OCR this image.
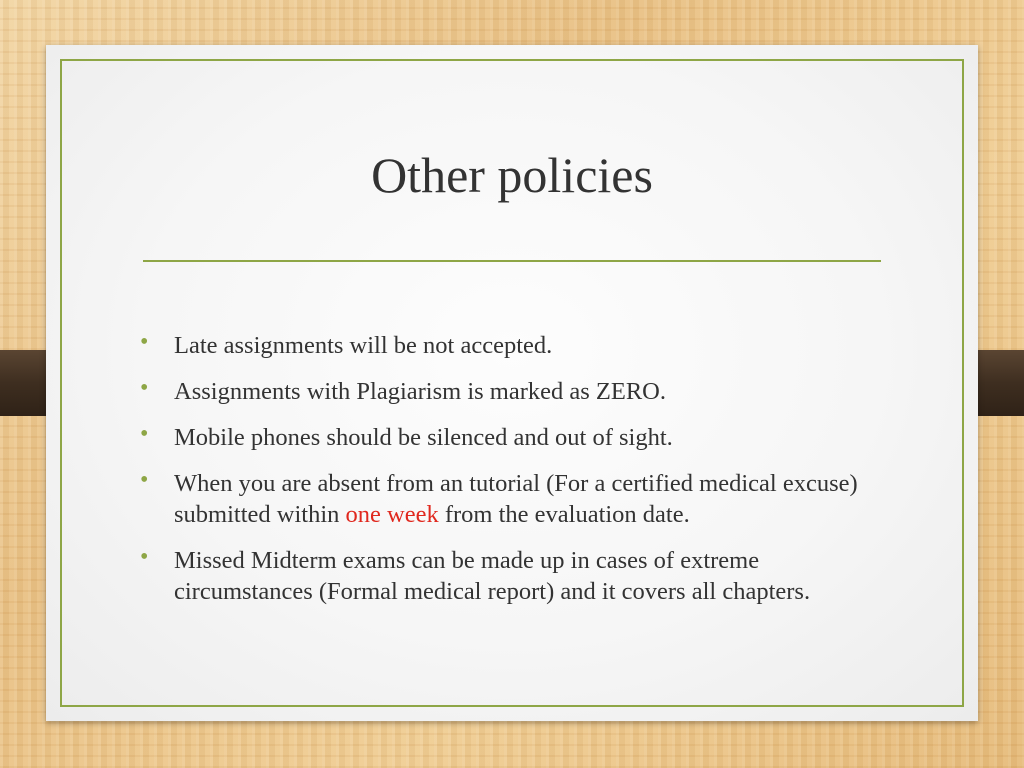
Other policies
• Late assignments will be not accepted.
• Assignments with Plagiarism is marked as ZERO.
• Mobile phones should be silenced and out of sight.
• When you are absent from an tutorial (For a certified medical excuse) submitted within one week from the evaluation date.
• Missed Midterm exams can be made up in cases of extreme circumstances (Formal medical report) and it covers all chapters.
